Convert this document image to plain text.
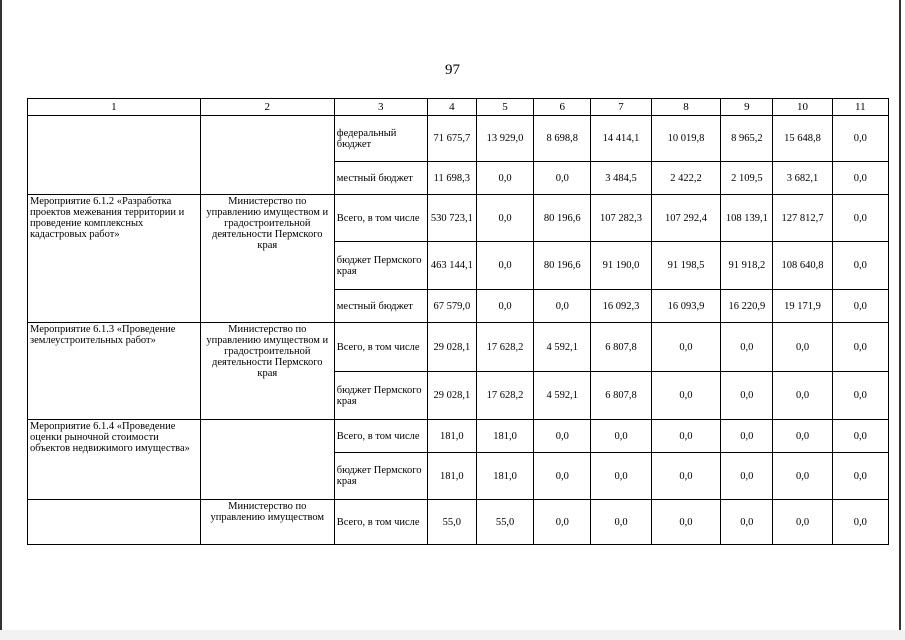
97
1	2	3	4	5	6	7	8	9	10	11
		федеральный бюджет	71 675,7	13 929,0	8 698,8	14 414,1	10 019,8	8 965,2	15 648,8	0,0
		местный бюджет	11 698,3	0,0	0,0	3 484,5	2 422,2	2 109,5	3 682,1	0,0
Мероприятие 6.1.2 «Разработка проектов межевания территории и проведение комплексных кадастровых работ»	Министерство по управлению имуществом и градостроительной деятельности Пермского края	Всего, в том числе	530 723,1	0,0	80 196,6	107 282,3	107 292,4	108 139,1	127 812,7	0,0
		бюджет Пермского края	463 144,1	0,0	80 196,6	91 190,0	91 198,5	91 918,2	108 640,8	0,0
		местный бюджет	67 579,0	0,0	0,0	16 092,3	16 093,9	16 220,9	19 171,9	0,0
Мероприятие 6.1.3 «Проведение землеустроительных работ»	Министерство по управлению имуществом и градостроительной деятельности Пермского края	Всего, в том числе	29 028,1	17 628,2	4 592,1	6 807,8	0,0	0,0	0,0	0,0
		бюджет Пермского края	29 028,1	17 628,2	4 592,1	6 807,8	0,0	0,0	0,0	0,0
Мероприятие 6.1.4 «Проведение оценки рыночной стоимости объектов недвижимого имущества»		Всего, в том числе	181,0	181,0	0,0	0,0	0,0	0,0	0,0	0,0
		бюджет Пермского края	181,0	181,0	0,0	0,0	0,0	0,0	0,0	0,0
	Министерство по управлению имуществом	Всего, в том числе	55,0	55,0	0,0	0,0	0,0	0,0	0,0	0,0
